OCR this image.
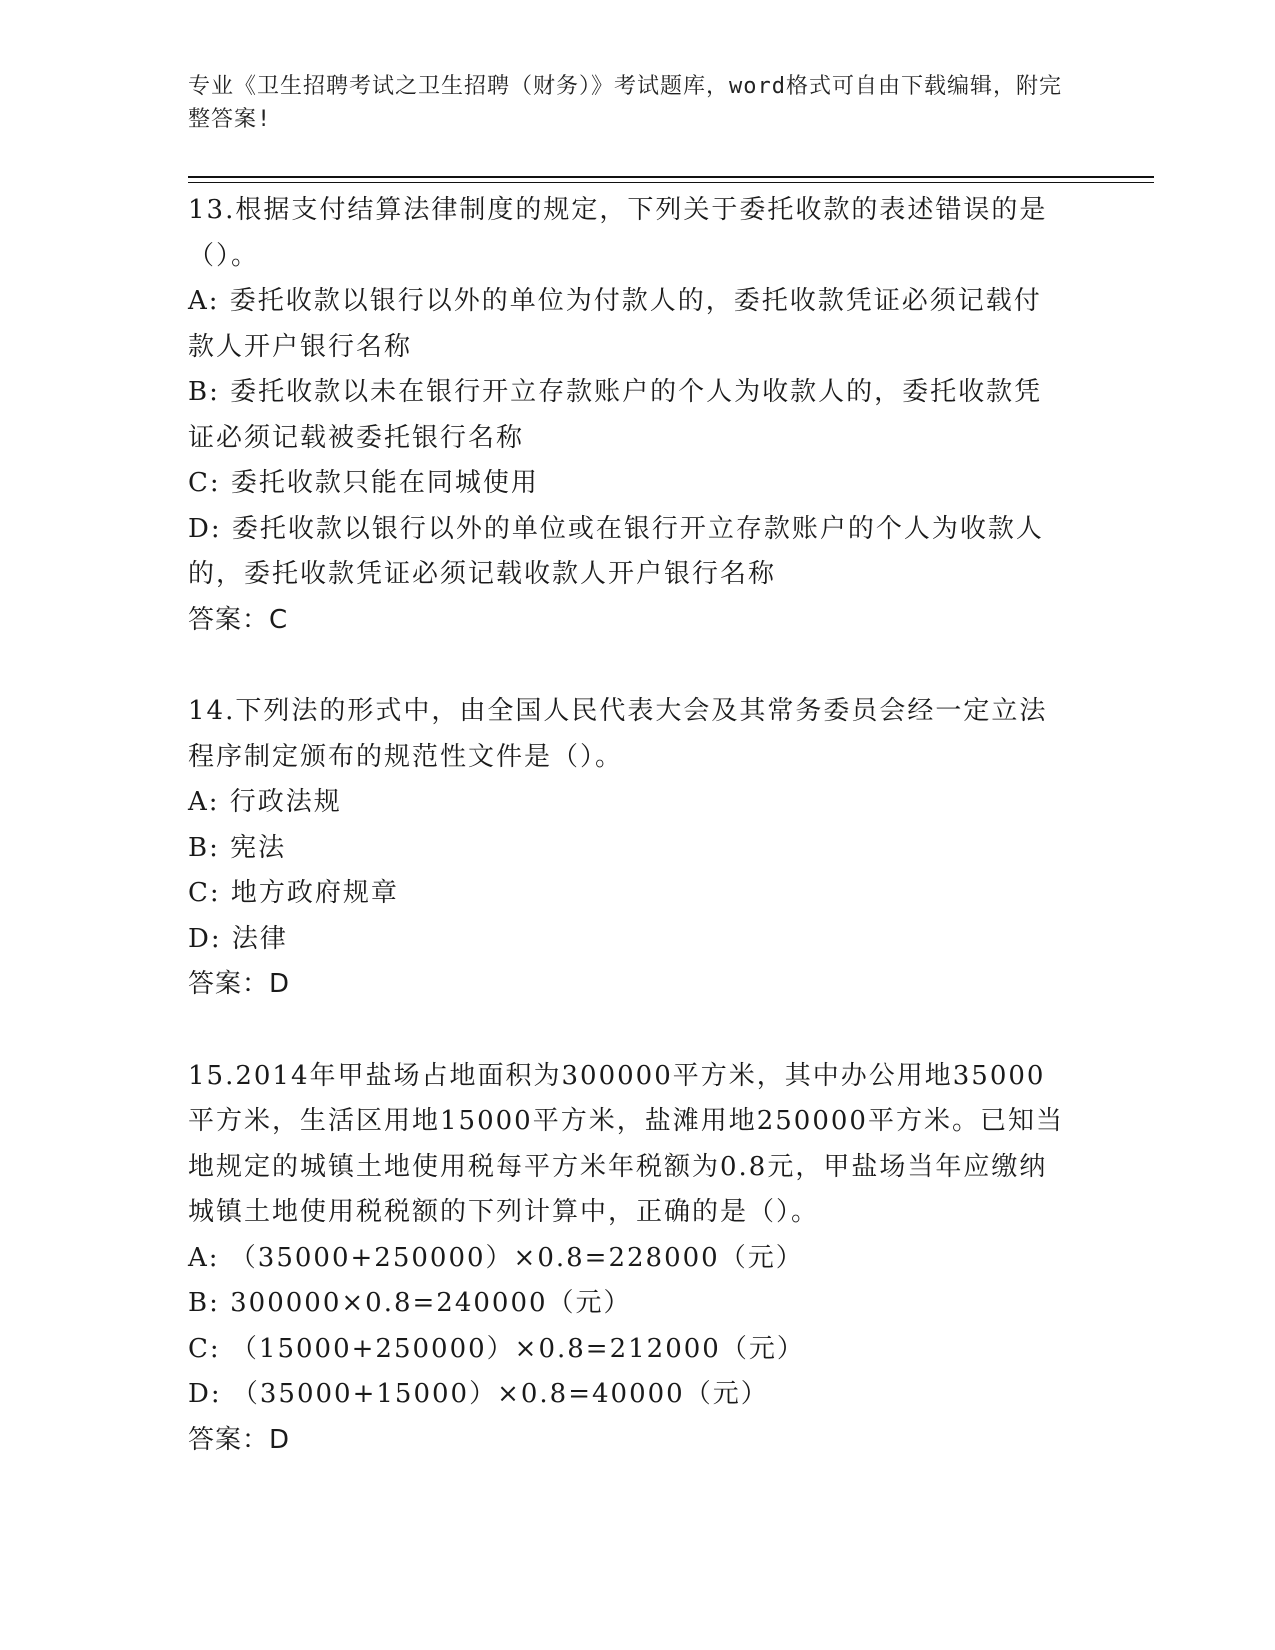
专业《卫生招聘考试之卫生招聘（财务）》考试题库，word格式可自由下载编辑，附完整答案!

13.根据支付结算法律制度的规定，下列关于委托收款的表述错误的是（）。

A: 委托收款以银行以外的单位为付款人的，委托收款凭证必须记载付款人开户银行名称

B: 委托收款以未在银行开立存款账户的个人为收款人的，委托收款凭证必须记载被委托银行名称

C: 委托收款只能在同城使用

D: 委托收款以银行以外的单位或在银行开立存款账户的个人为收款人的，委托收款凭证必须记载收款人开户银行名称

答案：C

14.下列法的形式中，由全国人民代表大会及其常务委员会经一定立法程序制定颁布的规范性文件是（）。

A: 行政法规

B: 宪法

C: 地方政府规章

D: 法律

答案：D

15.2014年甲盐场占地面积为300000平方米，其中办公用地35000平方米，生活区用地15000平方米，盐滩用地250000平方米。已知当地规定的城镇土地使用税每平方米年税额为0.8元，甲盐场当年应缴纳城镇土地使用税税额的下列计算中，正确的是（）。

A: （35000+250000）×0.8=228000（元）

B: 300000×0.8=240000（元）

C: （15000+250000）×0.8=212000（元）

D: （35000+15000）×0.8=40000（元）

答案：D
